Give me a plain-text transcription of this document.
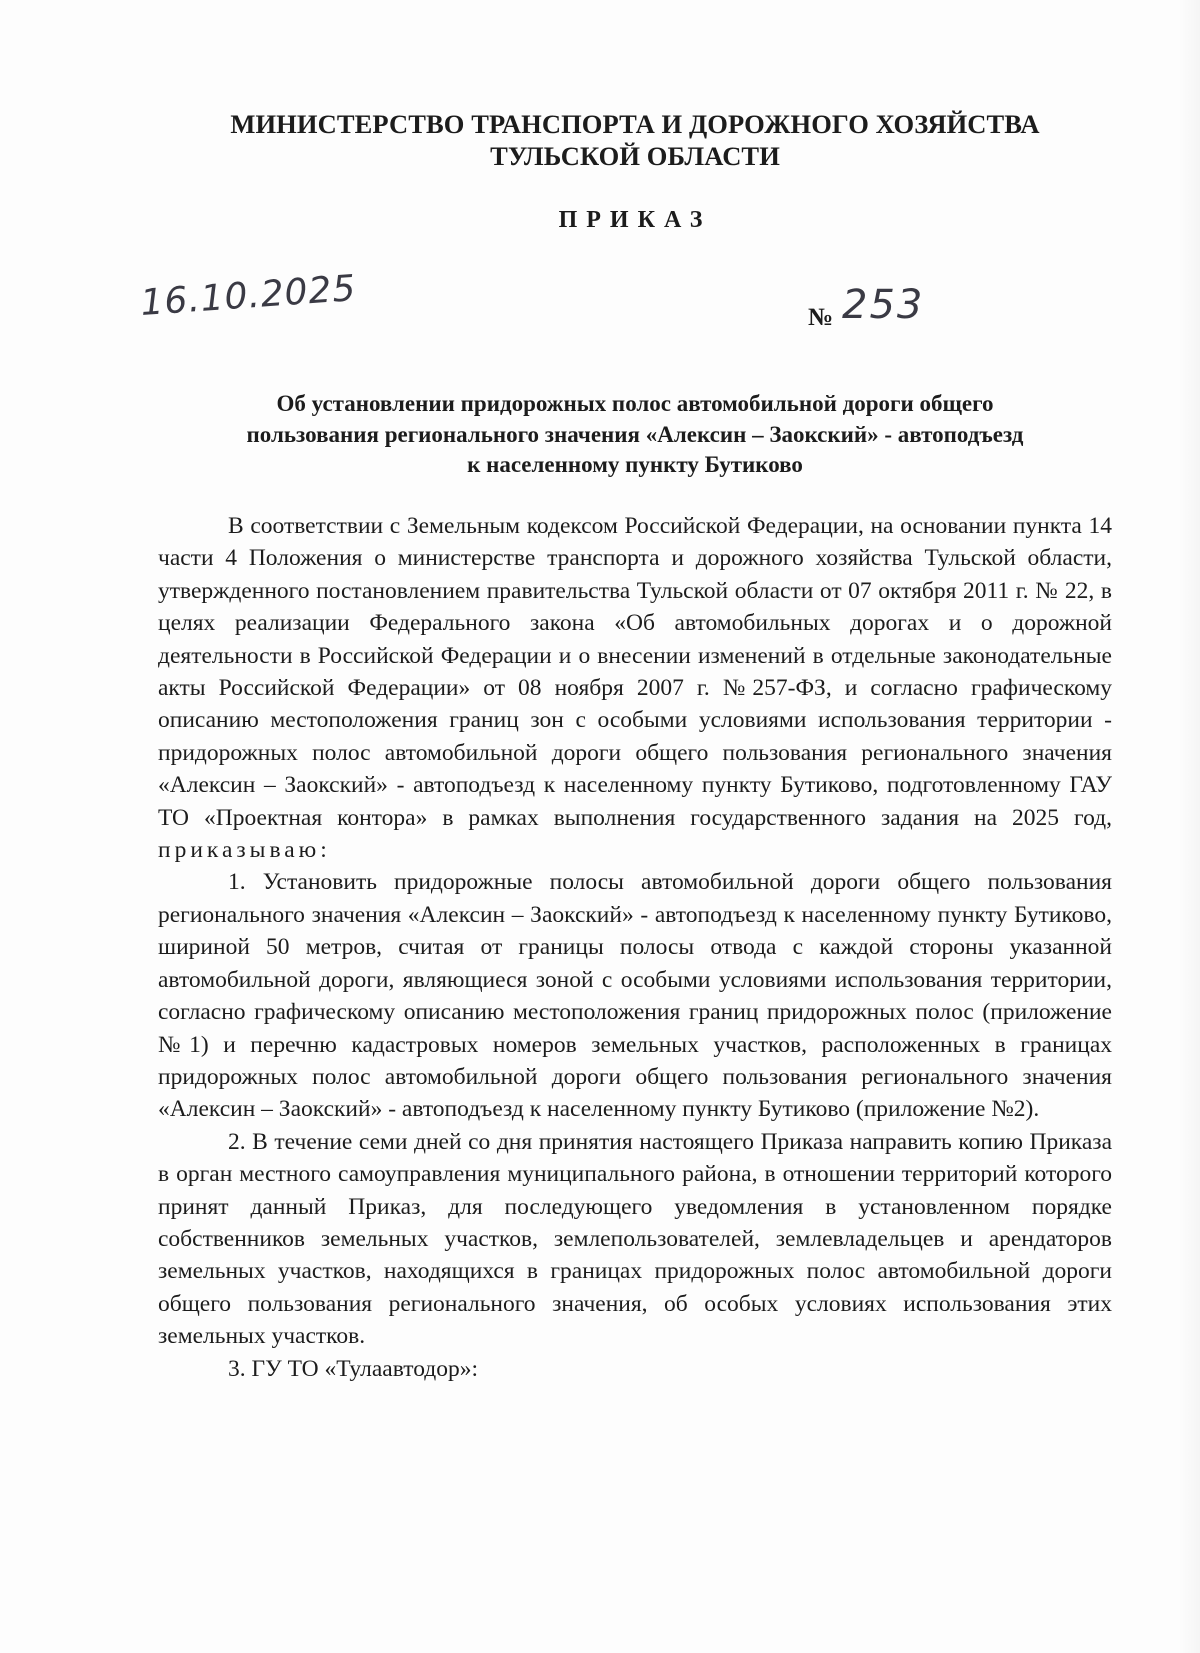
МИНИСТЕРСТВО ТРАНСПОРТА И ДОРОЖНОГО ХОЗЯЙСТВА
ТУЛЬСКОЙ ОБЛАСТИ
ПРИКАЗ
16.10.2025	№ 253
Об установлении придорожных полос автомобильной дороги общего
пользования регионального значения «Алексин – Заокский» - автоподъезд
к населенному пункту Бутиково

В соответствии с Земельным кодексом Российской Федерации, на основании пункта 14 части 4 Положения о министерстве транспорта и дорожного хозяйства Тульской области, утвержденного постановлением правительства Тульской области от 07 октября 2011 г. № 22, в целях реализации Федерального закона «Об автомобильных дорогах и о дорожной деятельности в Российской Федерации и о внесении изменений в отдельные законодательные акты Российской Федерации» от 08 ноября 2007 г. №257-ФЗ, и согласно графическому описанию местоположения границ зон с особыми условиями использования территории - придорожных полос автомобильной дороги общего пользования регионального значения «Алексин – Заокский» - автоподъезд к населенному пункту Бутиково, подготовленному ГАУ ТО «Проектная контора» в рамках выполнения государственного задания на 2025 год, приказываю:

1. Установить придорожные полосы автомобильной дороги общего пользования регионального значения «Алексин – Заокский» - автоподъезд к населенному пункту Бутиково, шириной 50 метров, считая от границы полосы отвода с каждой стороны указанной автомобильной дороги, являющиеся зоной с особыми условиями использования территории, согласно графическому описанию местоположения границ придорожных полос (приложение №1) и перечню кадастровых номеров земельных участков, расположенных в границах придорожных полос автомобильной дороги общего пользования регионального значения «Алексин – Заокский» - автоподъезд к населенному пункту Бутиково (приложение №2).

2. В течение семи дней со дня принятия настоящего Приказа направить копию Приказа в орган местного самоуправления муниципального района, в отношении территорий которого принят данный Приказ, для последующего уведомления в установленном порядке собственников земельных участков, землепользователей, землевладельцев и арендаторов земельных участков, находящихся в границах придорожных полос автомобильной дороги общего пользования регионального значения, об особых условиях использования этих земельных участков.

3. ГУ ТО «Тулаавтодор»:
